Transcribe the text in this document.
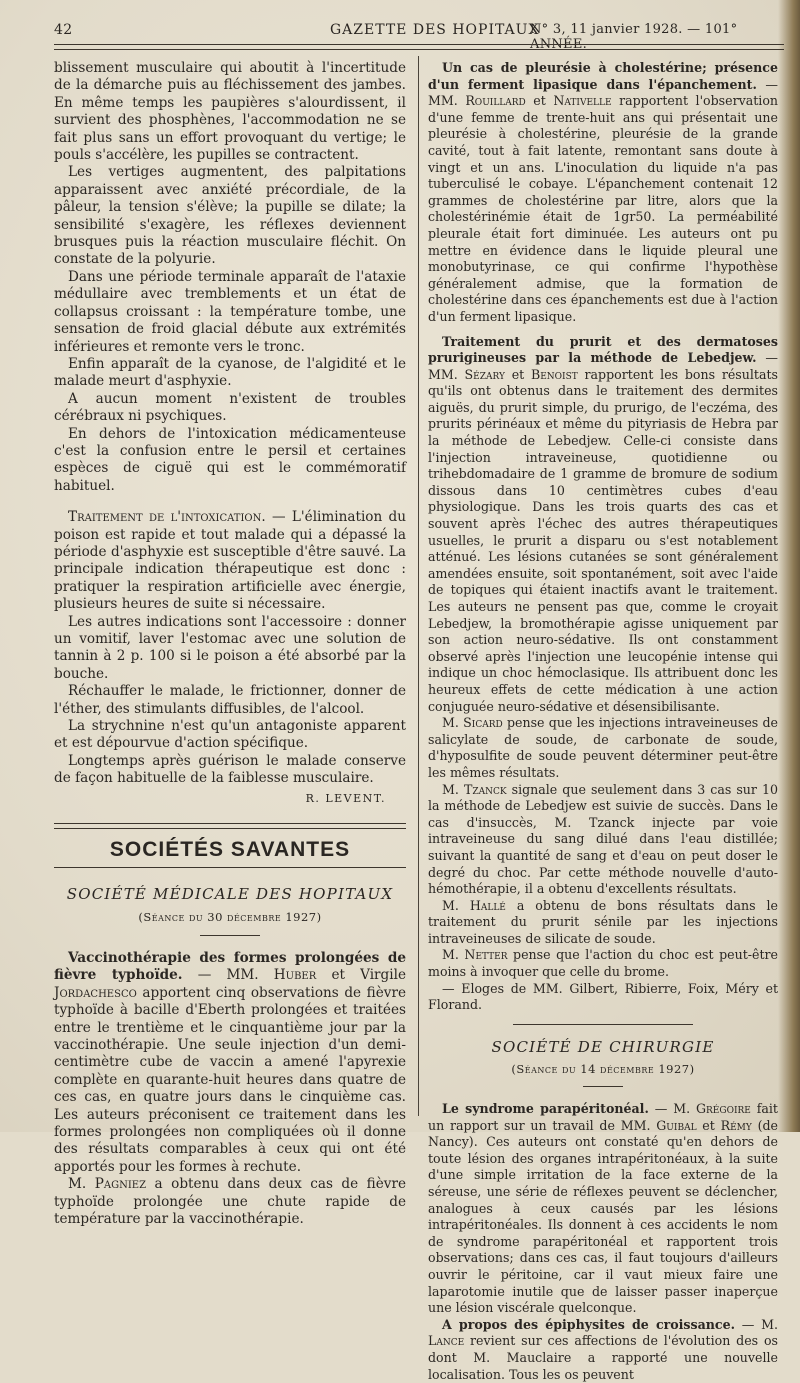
42	GAZETTE DES HOPITAUX
N° 3, 11 janvier 1928. — 101° ANNÉE.

blissement musculaire qui aboutit à l'incertitude de la démarche puis au fléchissement des jambes. En même temps les paupières s'alourdissent, il survient des phosphènes, l'accommodation ne se fait plus sans un effort provoquant du vertige; le pouls s'accélère, les pupilles se contractent.

Les vertiges augmentent, des palpitations apparaissent avec anxiété précordiale, de la pâleur, la tension s'élève; la pupille se dilate; la sensibilité s'exagère, les réflexes deviennent brusques puis la réaction musculaire fléchit. On constate de la polyurie.

Dans une période terminale apparaît de l'ataxie médullaire avec tremblements et un état de collapsus croissant : la température tombe, une sensation de froid glacial débute aux extrémités inférieures et remonte vers le tronc.

Enfin apparaît de la cyanose, de l'algidité et le malade meurt d'asphyxie.

A aucun moment n'existent de troubles cérébraux ni psychiques.

En dehors de l'intoxication médicamenteuse c'est la confusion entre le persil et certaines espèces de ciguë qui est le commémoratif habituel.

Traitement de l'intoxication. — L'élimination du poison est rapide et tout malade qui a dépassé la période d'asphyxie est susceptible d'être sauvé. La principale indication thérapeutique est donc : pratiquer la respiration artificielle avec énergie, plusieurs heures de suite si nécessaire.

Les autres indications sont l'accessoire : donner un vomitif, laver l'estomac avec une solution de tannin à 2 p. 100 si le poison a été absorbé par la bouche.

Réchauffer le malade, le frictionner, donner de l'éther, des stimulants diffusibles, de l'alcool.

La strychnine n'est qu'un antagoniste apparent et est dépourvue d'action spécifique.

Longtemps après guérison le malade conserve de façon habituelle de la faiblesse musculaire.

R. LEVENT.

SOCIÉTÉS SAVANTES

SOCIÉTÉ MÉDICALE DES HOPITAUX

(Séance du 30 décembre 1927)

Vaccinothérapie des formes prolongées de fièvre typhoïde. — MM. Huber et Virgile Jordachesco apportent cinq observations de fièvre typhoïde à bacille d'Eberth prolongées et traitées entre le trentième et le cinquantième jour par la vaccinothérapie. Une seule injection d'un demi-centimètre cube de vaccin a amené l'apyrexie complète en quarante-huit heures dans quatre de ces cas, en quatre jours dans le cinquième cas. Les auteurs préconisent ce traitement dans les formes prolongées non compliquées où il donne des résultats comparables à ceux qui ont été apportés pour les formes à rechute.

M. Pagniez a obtenu dans deux cas de fièvre typhoïde prolongée une chute rapide de température par la vaccinothérapie.

Un cas de pleurésie à cholestérine; présence d'un ferment lipasique dans l'épanchement. — MM. Rouillard et Nativelle rapportent l'observation d'une femme de trente-huit ans qui présentait une pleurésie à cholestérine, pleurésie de la grande cavité, tout à fait latente, remontant sans doute à vingt et un ans. L'inoculation du liquide n'a pas tuberculisé le cobaye. L'épanchement contenait 12 grammes de cholestérine par litre, alors que la cholestérinémie était de 1gr50. La perméabilité pleurale était fort diminuée. Les auteurs ont pu mettre en évidence dans le liquide pleural une monobutyrinase, ce qui confirme l'hypothèse généralement admise, que la formation de cholestérine dans ces épanchements est due à l'action d'un ferment lipasique.

Traitement du prurit et des dermatoses prurigineuses par la méthode de Lebedjew. — MM. Sézary et Benoist rapportent les bons résultats qu'ils ont obtenus dans le traitement des dermites aiguës, du prurit simple, du prurigo, de l'eczéma, des prurits périnéaux et même du pityriasis de Hebra par la méthode de Lebedjew. Celle-ci consiste dans l'injection intraveineuse, quotidienne ou trihebdomadaire de 1 gramme de bromure de sodium dissous dans 10 centimètres cubes d'eau physiologique. Dans les trois quarts des cas et souvent après l'échec des autres thérapeutiques usuelles, le prurit a disparu ou s'est notablement atténué. Les lésions cutanées se sont généralement amendées ensuite, soit spontanément, soit avec l'aide de topiques qui étaient inactifs avant le traitement. Les auteurs ne pensent pas que, comme le croyait Lebedjew, la bromothérapie agisse uniquement par son action neuro-sédative. Ils ont constamment observé après l'injection une leucopénie intense qui indique un choc hémoclasique. Ils attribuent donc les heureux effets de cette médication à une action conjuguée neuro-sédative et désensibilisante.

M. Sicard pense que les injections intraveineuses de salicylate de soude, de carbonate de soude, d'hyposulfite de soude peuvent déterminer peut-être les mêmes résultats.

M. Tzanck signale que seulement dans 3 cas sur 10 la méthode de Lebedjew est suivie de succès. Dans le cas d'insuccès, M. Tzanck injecte par voie intraveineuse du sang dilué dans l'eau distillée; suivant la quantité de sang et d'eau on peut doser le degré du choc. Par cette méthode nouvelle d'auto-hémothérapie, il a obtenu d'excellents résultats.

M. Hallé a obtenu de bons résultats dans le traitement du prurit sénile par les injections intraveineuses de silicate de soude.

M. Netter pense que l'action du choc est peut-être moins à invoquer que celle du brome.

— Eloges de MM. Gilbert, Ribierre, Foix, Méry et Florand.

SOCIÉTÉ DE CHIRURGIE

(Séance du 14 décembre 1927)

Le syndrome parapéritonéal. — M. Grégoire fait un rapport sur un travail de MM. Guibal et Rémy (de Nancy). Ces auteurs ont constaté qu'en dehors de toute lésion des organes intrapéritonéaux, à la suite d'une simple irritation de la face externe de la séreuse, une série de réflexes peuvent se déclencher, analogues à ceux causés par les lésions intrapéritonéales. Ils donnent à ces accidents le nom de syndrome parapéritonéal et rapportent trois observations; dans ces cas, il faut toujours d'ailleurs ouvrir le péritoine, car il vaut mieux faire une laparotomie inutile que de laisser passer inaperçue une lésion viscérale quelconque.

A propos des épiphysites de croissance. — M. Lance revient sur ces affections de l'évolution des os dont M. Mauclaire a rapporté une nouvelle localisation. Tous les os peuvent
